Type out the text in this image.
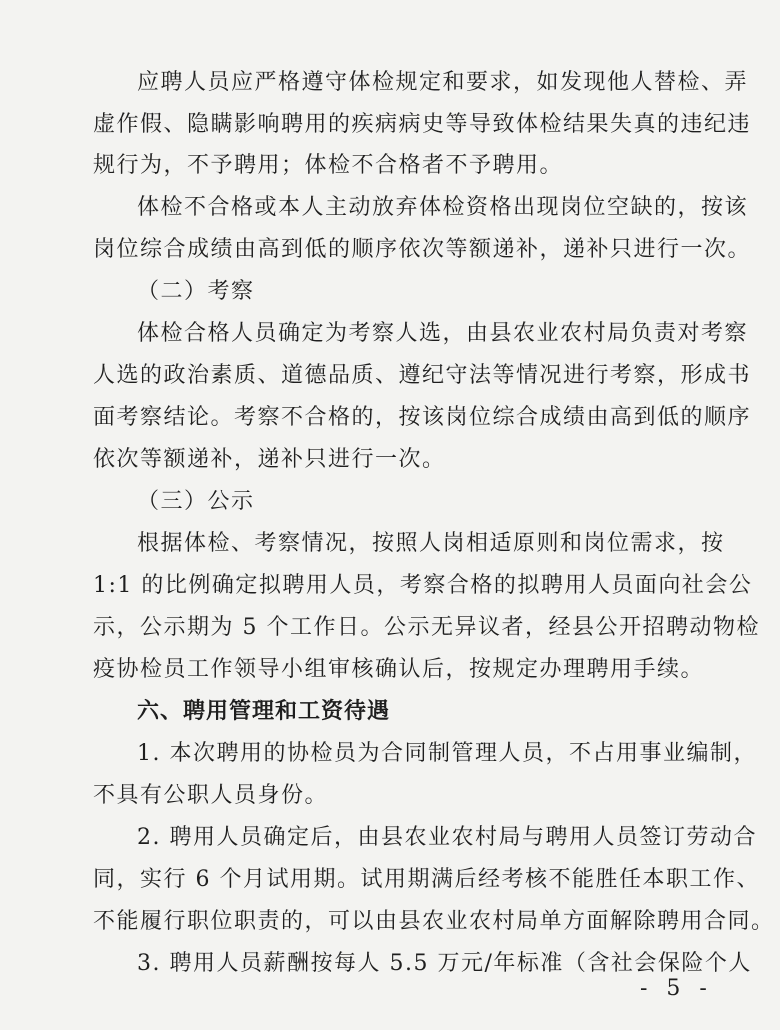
应聘人员应严格遵守体检规定和要求，如发现他人替检、弄
虚作假、隐瞒影响聘用的疾病病史等导致体检结果失真的违纪违
规行为，不予聘用；体检不合格者不予聘用。
体检不合格或本人主动放弃体检资格出现岗位空缺的，按该
岗位综合成绩由高到低的顺序依次等额递补，递补只进行一次。
（二）考察
体检合格人员确定为考察人选，由县农业农村局负责对考察
人选的政治素质、道德品质、遵纪守法等情况进行考察，形成书
面考察结论。考察不合格的，按该岗位综合成绩由高到低的顺序
依次等额递补，递补只进行一次。
（三）公示
根据体检、考察情况，按照人岗相适原则和岗位需求，按
1:1 的比例确定拟聘用人员，考察合格的拟聘用人员面向社会公
示，公示期为 5 个工作日。公示无异议者，经县公开招聘动物检
疫协检员工作领导小组审核确认后，按规定办理聘用手续。
六、聘用管理和工资待遇
1. 本次聘用的协检员为合同制管理人员，不占用事业编制，
不具有公职人员身份。
2. 聘用人员确定后，由县农业农村局与聘用人员签订劳动合
同，实行 6 个月试用期。试用期满后经考核不能胜任本职工作、
不能履行职位职责的，可以由县农业农村局单方面解除聘用合同。
3. 聘用人员薪酬按每人 5.5 万元/年标准（含社会保险个人
- 5 -
